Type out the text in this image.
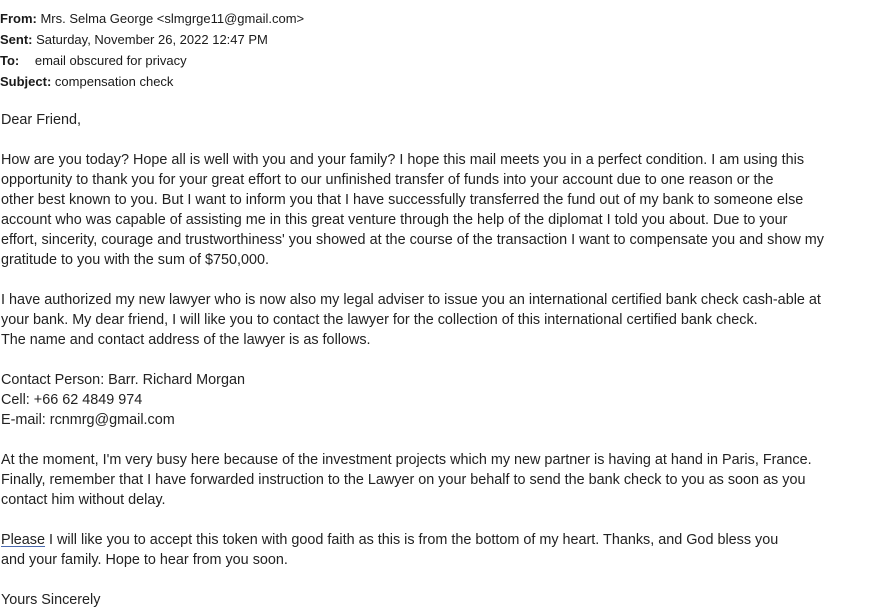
From: Mrs. Selma George <slmgrge11@gmail.com>
Sent: Saturday, November 26, 2022 12:47 PM
To: email obscured for privacy
Subject: compensation check
Dear Friend,
How are you today? Hope all is well with you and your family? I hope this mail meets you in a perfect condition. I am using this
opportunity to thank you for your great effort to our unfinished transfer of funds into your account due to one reason or the
other best known to you. But I want to inform you that I have successfully transferred the fund out of my bank to someone else
account who was capable of assisting me in this great venture through the help of the diplomat I told you about. Due to your
effort, sincerity, courage and trustworthiness' you showed at the course of the transaction I want to compensate you and show my
gratitude to you with the sum of $750,000.
I have authorized my new lawyer who is now also my legal adviser to issue you an international certified bank check cash-able at
your bank. My dear friend, I will like you to contact the lawyer for the collection of this international certified bank check.
The name and contact address of the lawyer is as follows.
Contact Person: Barr. Richard Morgan
Cell: +66 62 4849 974
E-mail: rcnmrg@gmail.com
At the moment, I'm very busy here because of the investment projects which my new partner is having at hand in Paris, France.
Finally, remember that I have forwarded instruction to the Lawyer on your behalf to send the bank check to you as soon as you
contact him without delay.
Please I will like you to accept this token with good faith as this is from the bottom of my heart. Thanks, and God bless you
and your family. Hope to hear from you soon.
Yours Sincerely
